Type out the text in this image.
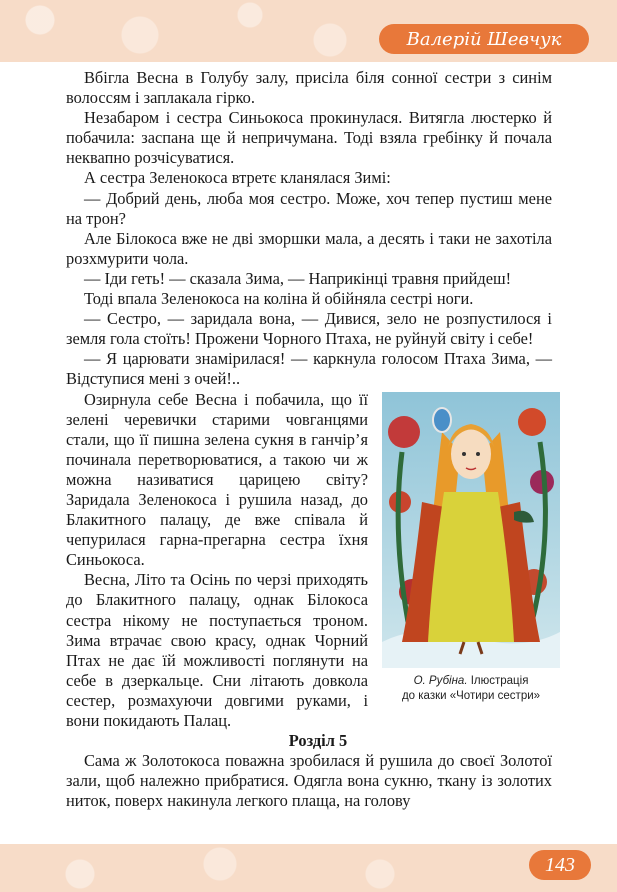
Валерій Шевчук

Вбігла Весна в Голубу залу, присіла біля сонної сестри з синім волоссям і заплакала гірко.

Незабаром і сестра Синьокоса прокинулася. Витягла люстерко й побачила: заспана ще й непричумана. Тоді взяла гребінку й почала неквапно розчісуватися.

А сестра Зеленокоса втретє кланялася Зимі:

— Добрий день, люба моя сестро. Може, хоч тепер пустиш мене на трон?

Але Білокоса вже не дві зморшки мала, а десять і таки не захотіла розхмурити чола.

— Іди геть! — сказала Зима, — Наприкінці травня прийдеш!

Тоді впала Зеленокоса на коліна й обійняла сестрі ноги.

— Сестро, — заридала вона, — Дивися, зело не розпустилося і земля гола стоїть! Прожени Чорного Птаха, не руйнуй світу і себе!

— Я царювати знамірилася! — каркнула голосом Птаха Зима, — Відступися мені з очей!..

О. Рубіна. Ілюстрація
до казки «Чотири сестри»

Озирнула себе Весна і побачила, що її зелені черевички старими човганцями стали, що її пишна зелена сукня в ганчір’я починала перетворюватися, а такою чи ж можна називатися царицею світу? Заридала Зеленокоса і рушила назад, до Блакитного палацу, де вже співала й чепурилася гарна-прегарна сестра їхня Синьокоса.

Весна, Літо та Осінь по черзі приходять до Блакитного палацу, однак Білокоса сестра нікому не поступається троном. Зима втрачає свою красу, однак Чорний Птах не дає їй можливості поглянути на себе в дзеркальце. Сни літають довкола сестер, розмахуючи довгими руками, і вони покидають Палац.

Розділ 5

Сама ж Золотокоса поважна зробилася й рушила до своєї Золотої зали, щоб належно прибратися. Одягла вона сукню, ткану із золотих ниток, поверх накинула легкого плаща, на голову

143
